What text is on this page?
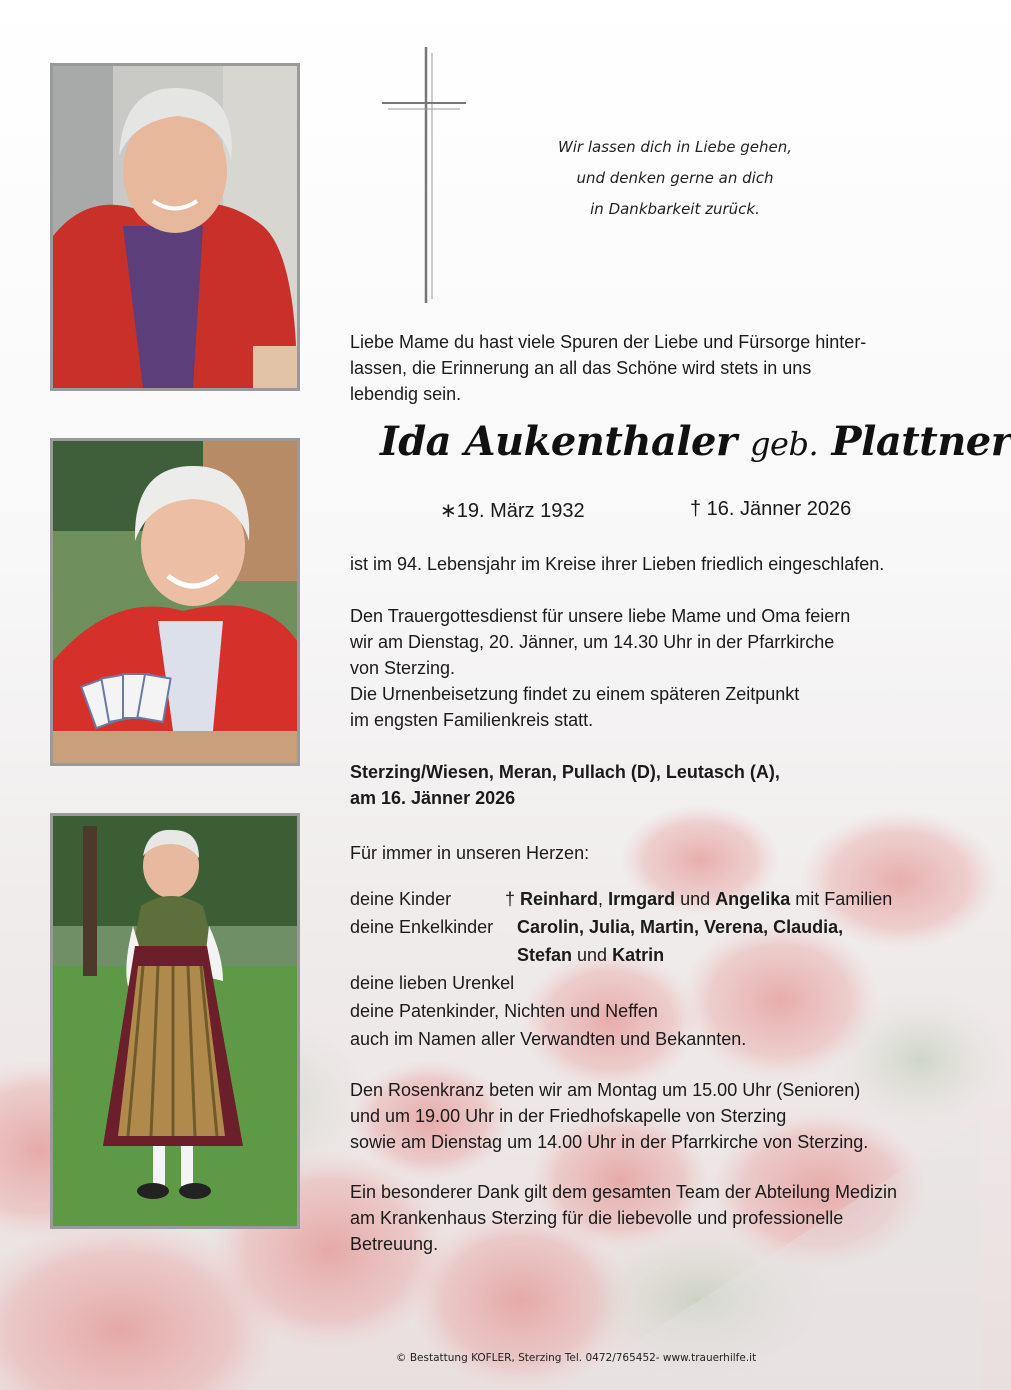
Wir lassen dich in Liebe gehen,
und denken gerne an dich
in Dankbarkeit zurück.
Liebe Mame du hast viele Spuren der Liebe und Fürsorge hinter-
lassen, die Erinnerung an all das Schöne wird stets in uns
lebendig sein.
Ida Aukenthaler geb. Plattner
∗19. März 1932	† 16. Jänner 2026
ist im 94. Lebensjahr im Kreise ihrer Lieben friedlich eingeschlafen.
Den Trauergottesdienst für unsere liebe Mame und Oma feiern
wir am Dienstag, 20. Jänner, um 14.30 Uhr in der Pfarrkirche
von Sterzing.
Die Urnenbeisetzung findet zu einem späteren Zeitpunkt
im engsten Familienkreis statt.
Sterzing/Wiesen, Meran, Pullach (D), Leutasch (A),
am 16. Jänner 2026
Für immer in unseren Herzen:
deine Kinder	† Reinhard, Irmgard und Angelika mit Familien
deine Enkelkinder Carolin, Julia, Martin, Verena, Claudia,
Stefan und Katrin
deine lieben Urenkel
deine Patenkinder, Nichten und Neffen
auch im Namen aller Verwandten und Bekannten.
Den Rosenkranz beten wir am Montag um 15.00 Uhr (Senioren)
und um 19.00 Uhr in der Friedhofskapelle von Sterzing
sowie am Dienstag um 14.00 Uhr in der Pfarrkirche von Sterzing.
Ein besonderer Dank gilt dem gesamten Team der Abteilung Medizin
am Krankenhaus Sterzing für die liebevolle und professionelle
Betreuung.
© Bestattung KOFLER, Sterzing Tel. 0472/765452- www.trauerhilfe.it
